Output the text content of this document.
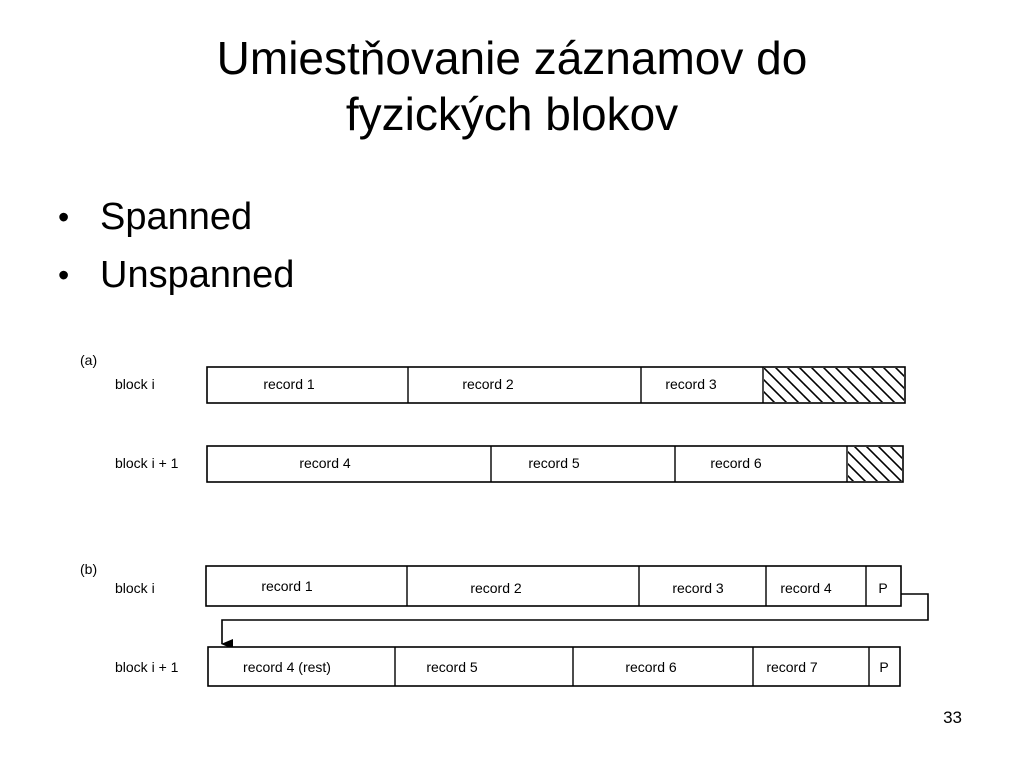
Umiestňovanie záznamov do
fyzických blokov
• Spanned
• Unspanned
(a)
block i	record 1	record 2	record 3
block i + 1	record 4	record 5	record 6
(b)
block i	record 1	record 2	record 3	record 4	P
block i + 1	record 4 (rest)	record 5	record 6	record 7	P
33
